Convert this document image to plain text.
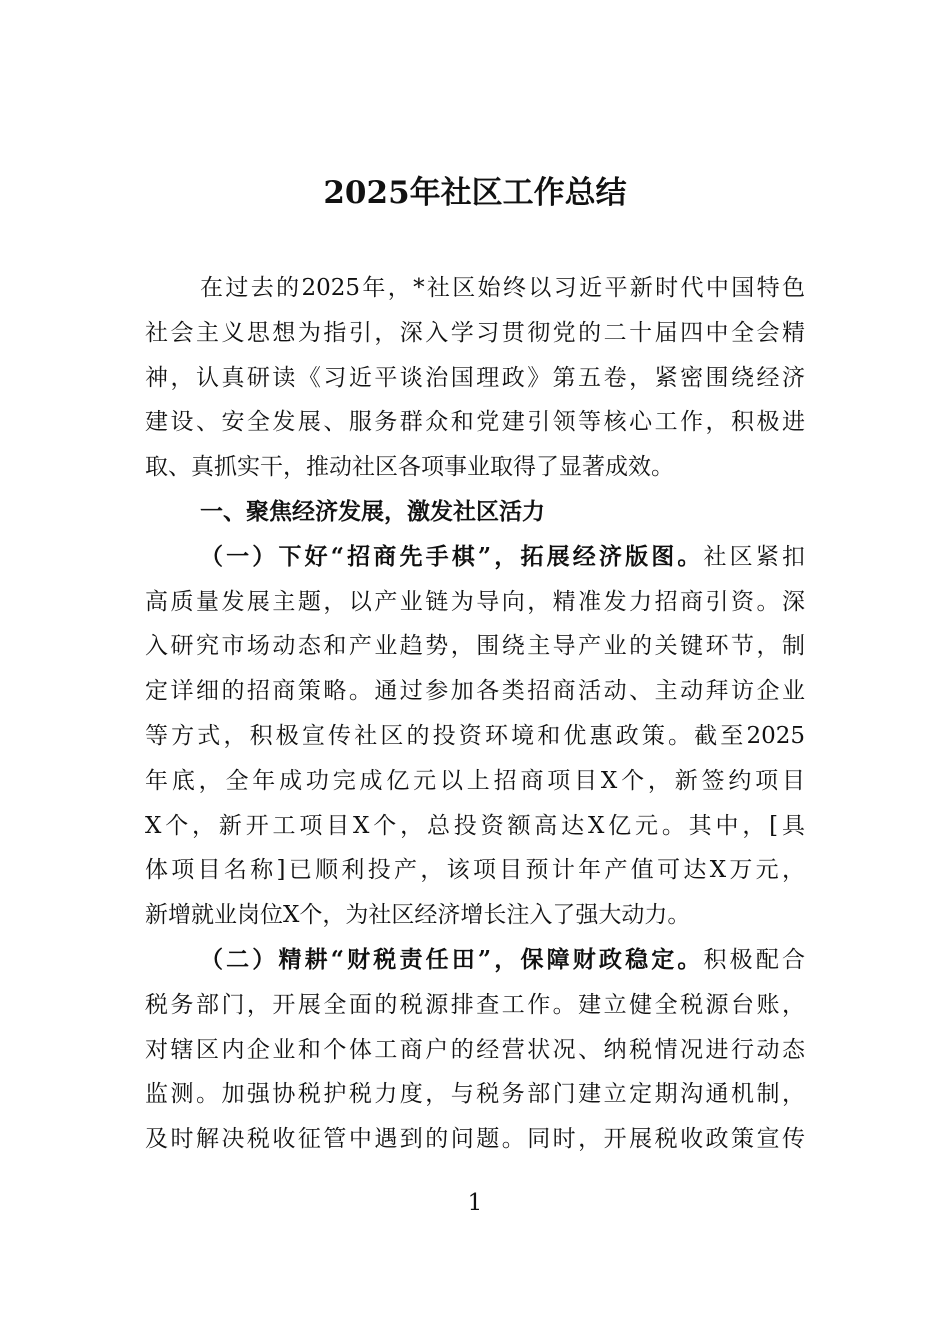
2025年社区工作总结
在过去的2025年，*社区始终以习近平新时代中国特色
社会主义思想为指引，深入学习贯彻党的二十届四中全会精
神，认真研读《习近平谈治国理政》第五卷，紧密围绕经济
建设、安全发展、服务群众和党建引领等核心工作，积极进
取、真抓实干，推动社区各项事业取得了显著成效。
一、聚焦经济发展，激发社区活力
（一）下好“招商先手棋”，拓展经济版图。社区紧扣
高质量发展主题，以产业链为导向，精准发力招商引资。深
入研究市场动态和产业趋势，围绕主导产业的关键环节，制
定详细的招商策略。通过参加各类招商活动、主动拜访企业
等方式，积极宣传社区的投资环境和优惠政策。截至2025
年底，全年成功完成亿元以上招商项目X个，新签约项目
X个，新开工项目X个，总投资额高达X亿元。其中，[具
体项目名称]已顺利投产，该项目预计年产值可达X万元，
新增就业岗位X个，为社区经济增长注入了强大动力。
（二）精耕“财税责任田”，保障财政稳定。积极配合
税务部门，开展全面的税源排查工作。建立健全税源台账，
对辖区内企业和个体工商户的经营状况、纳税情况进行动态
监测。加强协税护税力度，与税务部门建立定期沟通机制，
及时解决税收征管中遇到的问题。同时，开展税收政策宣传
1
